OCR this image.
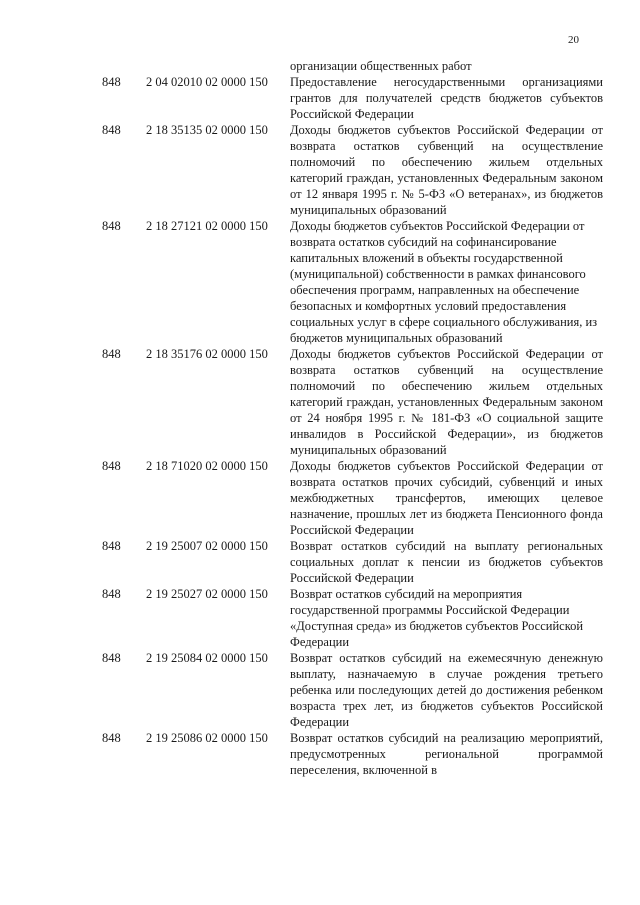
20
организации общественных работ
848 2 04 02010 02 0000 150 Предоставление негосударственными организациями грантов для получателей средств бюджетов субъектов Российской Федерации
848 2 18 35135 02 0000 150 Доходы бюджетов субъектов Российской Федерации от возврата остатков субвенций на осуществление полномочий по обеспечению жильем отдельных категорий граждан, установленных Федеральным законом от 12 января 1995 г. № 5-ФЗ «О ветеранах», из бюджетов муниципальных образований
848 2 18 27121 02 0000 150 Доходы бюджетов субъектов Российской Федерации от возврата остатков субсидий на софинансирование капитальных вложений в объекты государственной (муниципальной) собственности в рамках финансового обеспечения программ, направленных на обеспечение безопасных и комфортных условий предоставления социальных услуг в сфере социального обслуживания, из бюджетов муниципальных образований
848 2 18 35176 02 0000 150 Доходы бюджетов субъектов Российской Федерации от возврата остатков субвенций на осуществление полномочий по обеспечению жильем отдельных категорий граждан, установленных Федеральным законом от 24 ноября 1995 г. № 181-ФЗ «О социальной защите инвалидов в Российской Федерации», из бюджетов муниципальных образований
848 2 18 71020 02 0000 150 Доходы бюджетов субъектов Российской Федерации от возврата остатков прочих субсидий, субвенций и иных межбюджетных трансфертов, имеющих целевое назначение, прошлых лет из бюджета Пенсионного фонда Российской Федерации
848 2 19 25007 02 0000 150 Возврат остатков субсидий на выплату региональных социальных доплат к пенсии из бюджетов субъектов Российской Федерации
848 2 19 25027 02 0000 150 Возврат остатков субсидий на мероприятия государственной программы Российской Федерации «Доступная среда» из бюджетов субъектов Российской Федерации
848 2 19 25084 02 0000 150 Возврат остатков субсидий на ежемесячную денежную выплату, назначаемую в случае рождения третьего ребенка или последующих детей до достижения ребенком возраста трех лет, из бюджетов субъектов Российской Федерации
848 2 19 25086 02 0000 150 Возврат остатков субсидий на реализацию мероприятий, предусмотренных региональной программой переселения, включенной в
